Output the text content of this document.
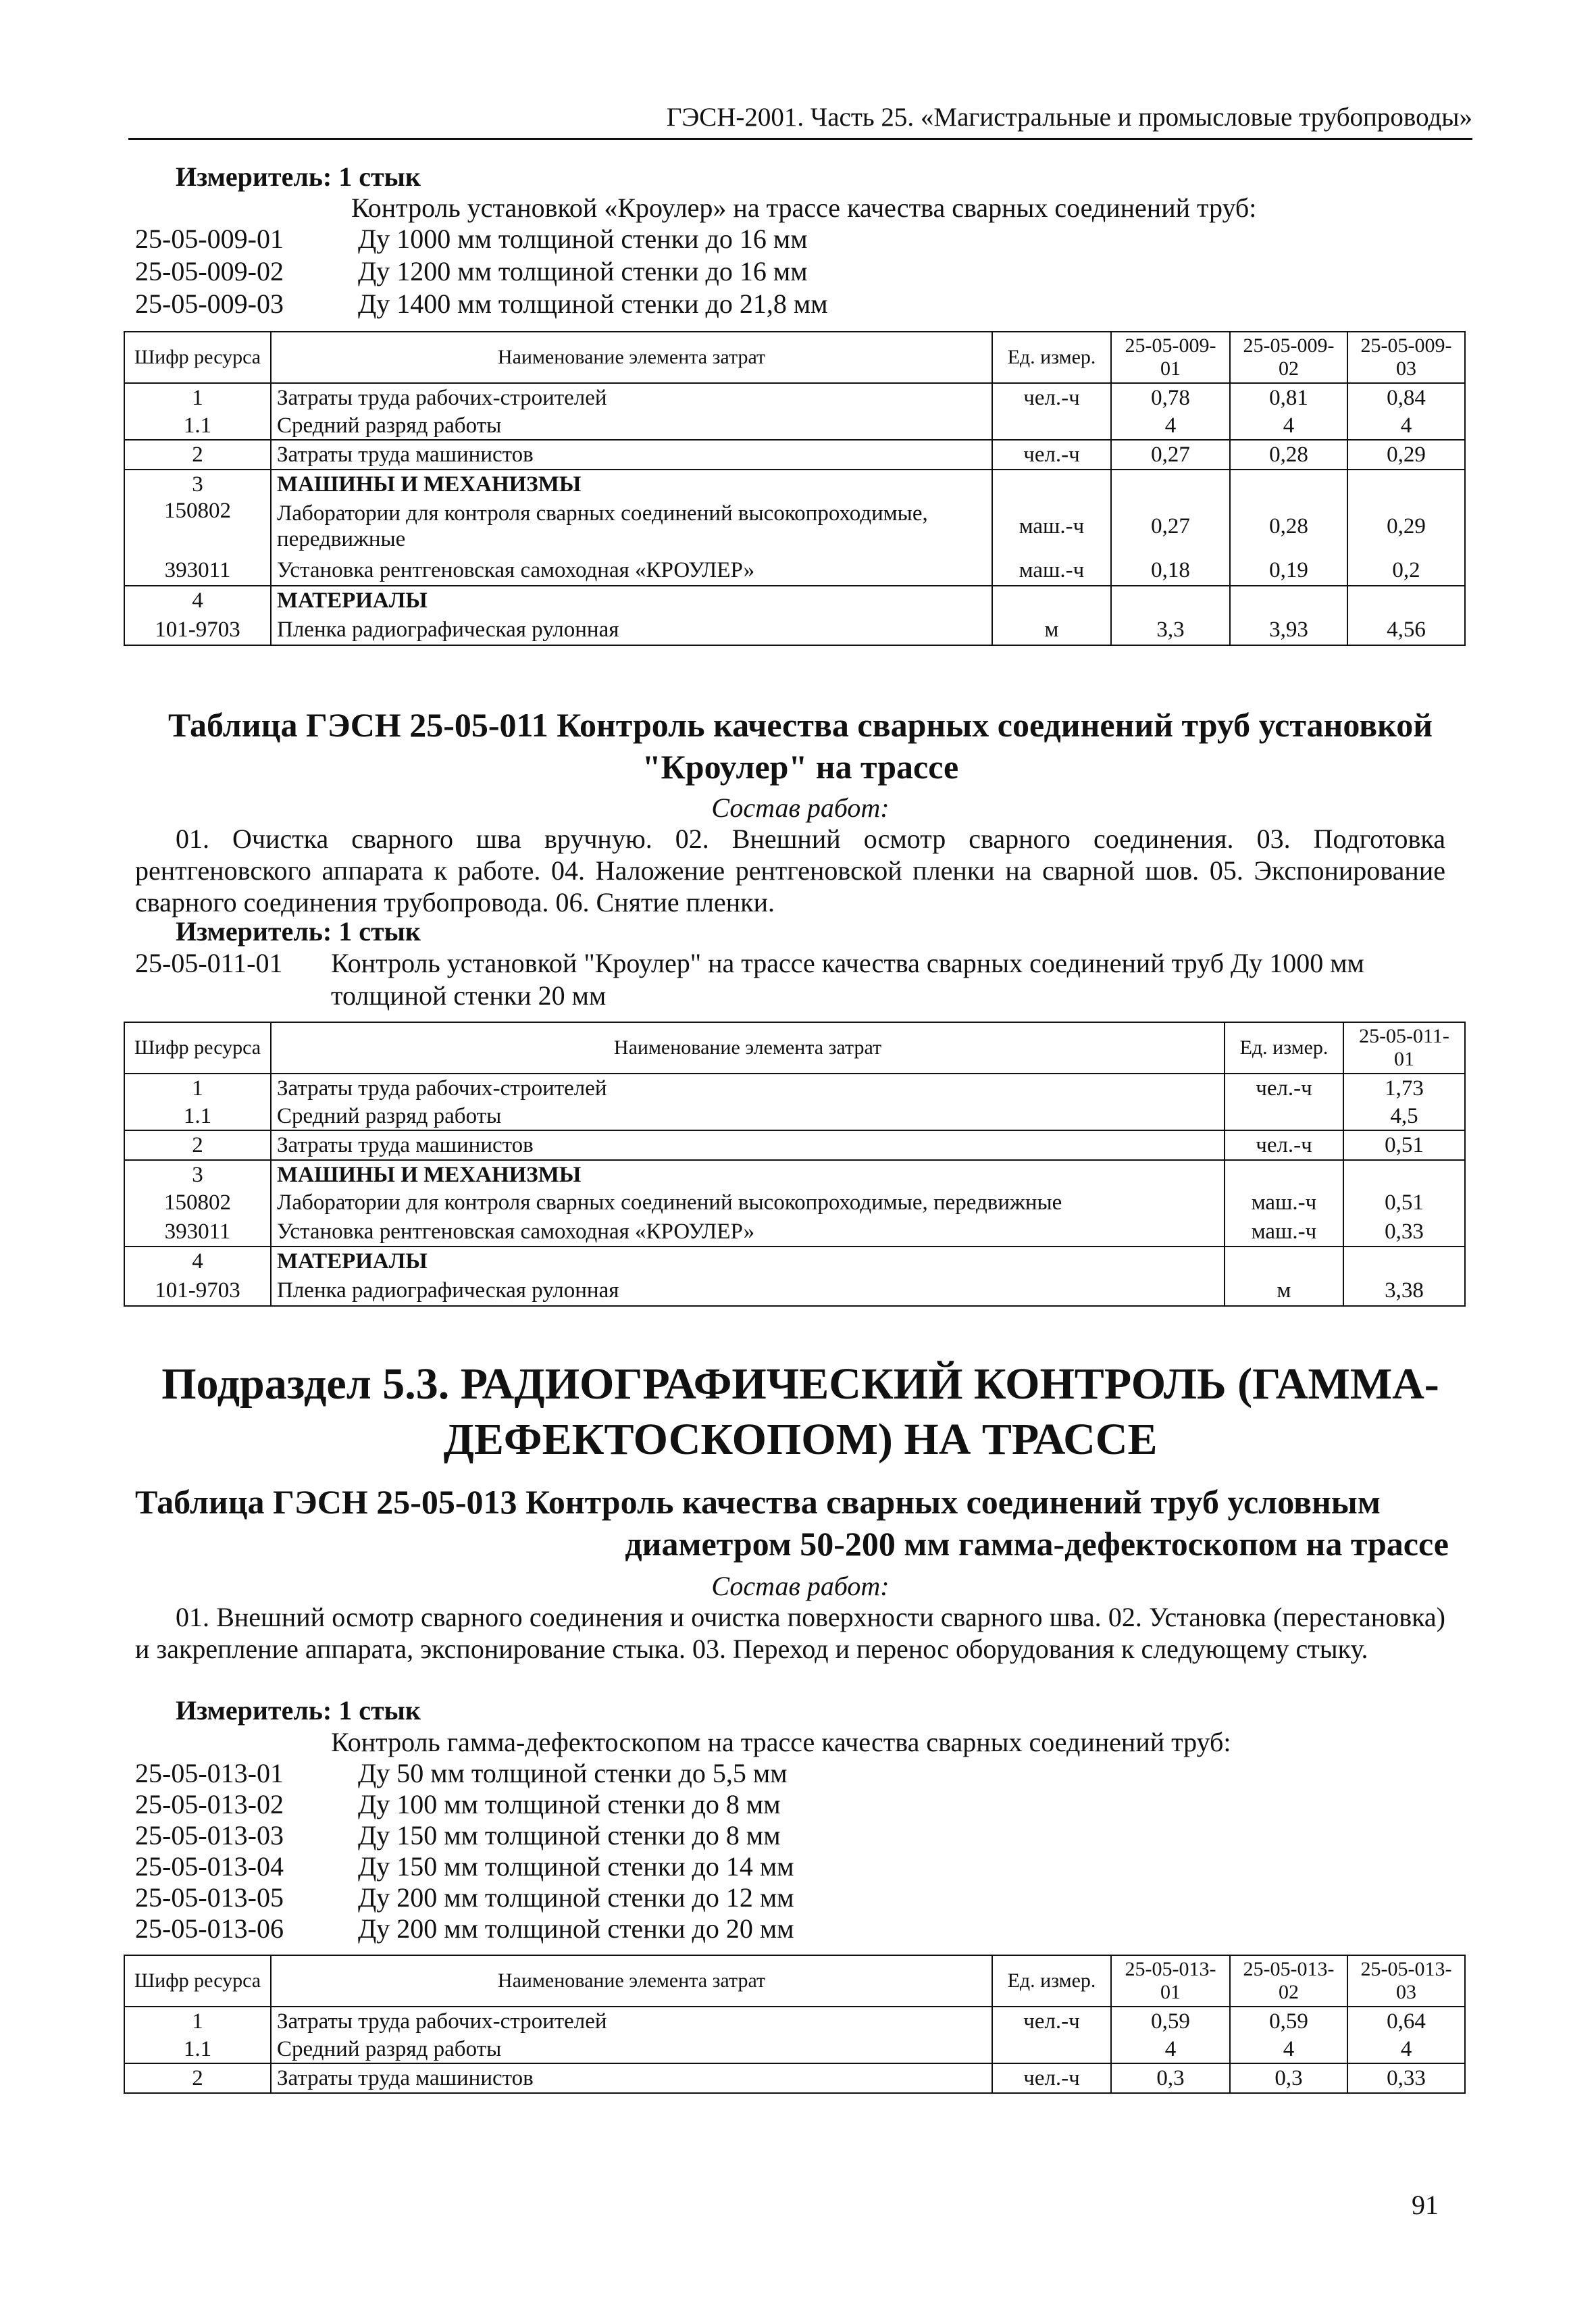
ГЭСН-2001. Часть 25. «Магистральные и промысловые трубопроводы»
Измеритель: 1 стык
Контроль установкой «Кроулер» на трассе качества сварных соединений труб:
25-05-009-01	Ду 1000 мм толщиной стенки до 16 мм
25-05-009-02	Ду 1200 мм толщиной стенки до 16 мм
25-05-009-03	Ду 1400 мм толщиной стенки до 21,8 мм
Шифр ресурса	Наименование элемента затрат	Ед. измер.	25-05-009-01	25-05-009-02	25-05-009-03
1	Затраты труда рабочих-строителей	чел.-ч	0,78	0,81	0,84
1.1	Средний разряд работы		4	4	4
2	Затраты труда машинистов	чел.-ч	0,27	0,28	0,29
3	МАШИНЫ И МЕХАНИЗМЫ				
150802	Лаборатории для контроля сварных соединений высокопроходимые, передвижные	маш.-ч	0,27	0,28	0,29
393011	Установка рентгеновская самоходная «КРОУЛЕР»	маш.-ч	0,18	0,19	0,2
4	МАТЕРИАЛЫ				
101-9703	Пленка радиографическая рулонная	м	3,3	3,93	4,56
Таблица ГЭСН 25-05-011 Контроль качества сварных соединений труб установкой
"Кроулер" на трассе
Состав работ:
01. Очистка сварного шва вручную. 02. Внешний осмотр сварного соединения. 03. Подготовка рентгеновского аппарата к работе. 04. Наложение рентгеновской пленки на сварной шов. 05. Экспонирование сварного соединения трубопровода. 06. Снятие пленки.
Измеритель: 1 стык
25-05-011-01	Контроль установкой "Кроулер" на трассе качества сварных соединений труб Ду 1000 мм
толщиной стенки 20 мм
Шифр ресурса	Наименование элемента затрат	Ед. измер.	25-05-011-01
1	Затраты труда рабочих-строителей	чел.-ч	1,73
1.1	Средний разряд работы		4,5
2	Затраты труда машинистов	чел.-ч	0,51
3	МАШИНЫ И МЕХАНИЗМЫ		
150802	Лаборатории для контроля сварных соединений высокопроходимые, передвижные	маш.-ч	0,51
393011	Установка рентгеновская самоходная «КРОУЛЕР»	маш.-ч	0,33
4	МАТЕРИАЛЫ		
101-9703	Пленка радиографическая рулонная	м	3,38
Подраздел 5.3. РАДИОГРАФИЧЕСКИЙ КОНТРОЛЬ (ГАММА-
ДЕФЕКТОСКОПОМ) НА ТРАССЕ
Таблица ГЭСН 25-05-013 Контроль качества сварных соединений труб условным
диаметром 50-200 мм гамма-дефектоскопом на трассе
Состав работ:
01. Внешний осмотр сварного соединения и очистка поверхности сварного шва. 02. Установка (перестановка) и закрепление аппарата, экспонирование стыка. 03. Переход и перенос оборудования к следующему стыку.
Измеритель: 1 стык
Контроль гамма-дефектоскопом на трассе качества сварных соединений труб:
25-05-013-01	Ду 50 мм толщиной стенки до 5,5 мм
25-05-013-02	Ду 100 мм толщиной стенки до 8 мм
25-05-013-03	Ду 150 мм толщиной стенки до 8 мм
25-05-013-04	Ду 150 мм толщиной стенки до 14 мм
25-05-013-05	Ду 200 мм толщиной стенки до 12 мм
25-05-013-06	Ду 200 мм толщиной стенки до 20 мм
Шифр ресурса	Наименование элемента затрат	Ед. измер.	25-05-013-01	25-05-013-02	25-05-013-03
1	Затраты труда рабочих-строителей	чел.-ч	0,59	0,59	0,64
1.1	Средний разряд работы		4	4	4
2	Затраты труда машинистов	чел.-ч	0,3	0,3	0,33
91
